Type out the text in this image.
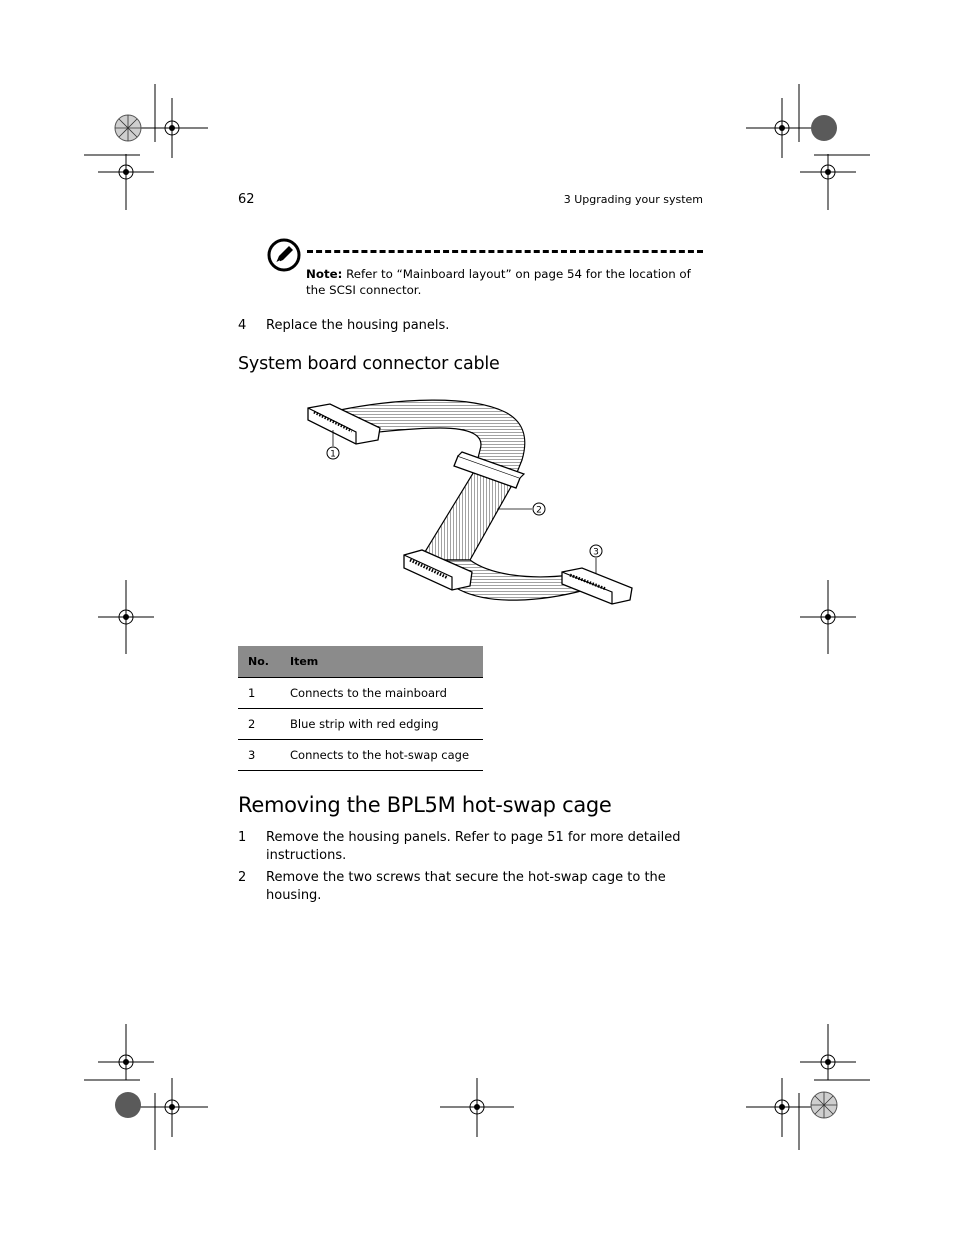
62	3 Upgrading your system
Note: Refer to “Mainboard layout” on page 54 for the location of the SCSI connector.
4 Replace the housing panels.
System board connector cable
1
2
3
No.	Item
1	Connects to the mainboard
2	Blue strip with red edging
3	Connects to the hot-swap cage
Removing the BPL5M hot-swap cage
1 Remove the housing panels. Refer to page 51 for more detailed instructions.
2 Remove the two screws that secure the hot-swap cage to the housing.
